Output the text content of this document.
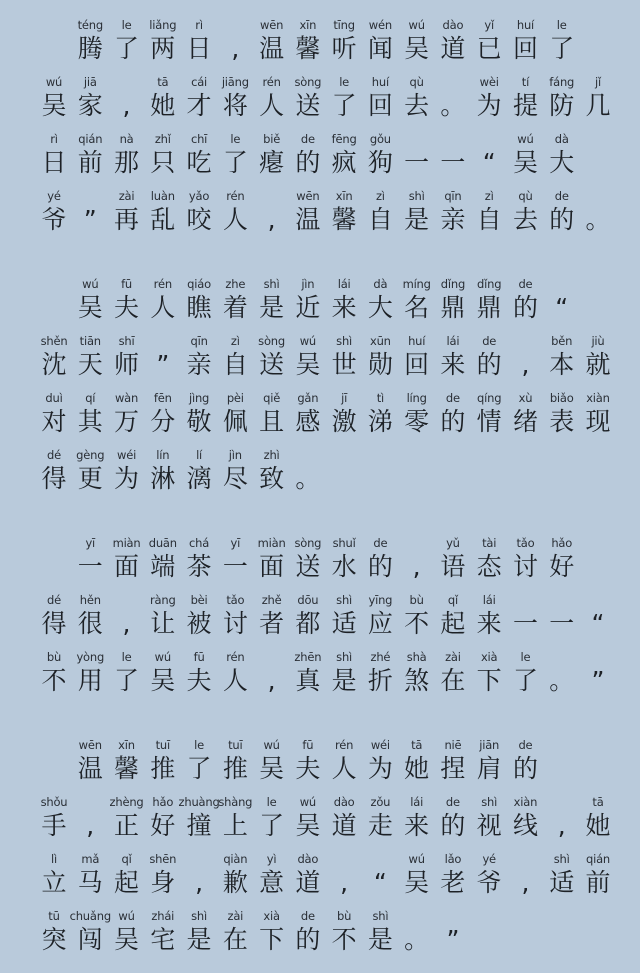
téng
腾
le
了
liǎng
两
rì
日 ,
wēn
温
xīn
馨
tīng
听
wén
闻
wú
吴
dào
道
yǐ
已
huí
回
le
了
wú
吴
jiā
家 ,
tā
她
cái
才
jiāng
将
rén
人
sòng
送
le
了
huí
回
qù
去 。
wèi
为
tí
提
fáng
防
jǐ
几
rì
日
qián
前
nà
那
zhǐ
只
chī
吃
le
了
biě
瘪
de
的
fēng
疯
gǒu
狗 一 一 “
wú
吴
dà
大
yé
爷 ”
zài
再
luàn
乱
yǎo
咬
rén
人 ,
wēn
温
xīn
馨
zì
自
shì
是
qīn
亲
zì
自
qù
去
de
的 。
wú
吴
fū
夫
rén
人
qiáo
瞧
zhe
着
shì
是
jìn
近
lái
来
dà
大
míng
名
dǐng
鼎
dǐng
鼎
de
的 “
shěn
沈
tiān
天
shī
师 ”
qīn
亲
zì
自
sòng
送
wú
吴
shì
世
xūn
勋
huí
回
lái
来
de
的 ,
běn
本
jiù
就
duì
对
qí
其
wàn
万
fēn
分
jìng
敬
pèi
佩
qiě
且
gǎn
感
jī
激
tì
涕
líng
零
de
的
qíng
情
xù
绪
biǎo
表
xiàn
现
dé
得
gèng
更
wéi
为
lín
淋
lí
漓
jìn
尽
zhì
致 。
yī
一
miàn
面
duān
端
chá
茶
yī
一
miàn
面
sòng
送
shuǐ
水
de
的 ,
yǔ
语
tài
态
tǎo
讨
hǎo
好
dé
得
hěn
很 ,
ràng
让
bèi
被
tǎo
讨
zhě
者
dōu
都
shì
适
yīng
应
bù
不
qǐ
起
lái
来 一 一 “
bù
不
yòng
用
le
了
wú
吴
fū
夫
rén
人 ,
zhēn
真
shì
是
zhé
折
shà
煞
zài
在
xià
下
le
了 。 ”
wēn
温
xīn
馨
tuī
推
le
了
tuī
推
wú
吴
fū
夫
rén
人
wéi
为
tā
她
niē
捏
jiān
肩
de
的
shǒu
手 ,
zhèng
正
hǎo
好
zhuàng
撞
shàng
上
le
了
wú
吴
dào
道
zǒu
走
lái
来
de
的
shì
视
xiàn
线 ,
tā
她
lì
立
mǎ
马
qǐ
起
shēn
身 ,
qiàn
歉
yì
意
dào
道 ,	“
wú
吴
lǎo
老
yé
爷 ,
shì
适
qián
前
tū
突
chuǎng
闯
wú
吴
zhái
宅
shì
是
zài
在
xià
下
de
的
bù
不
shì
是 。 ”
